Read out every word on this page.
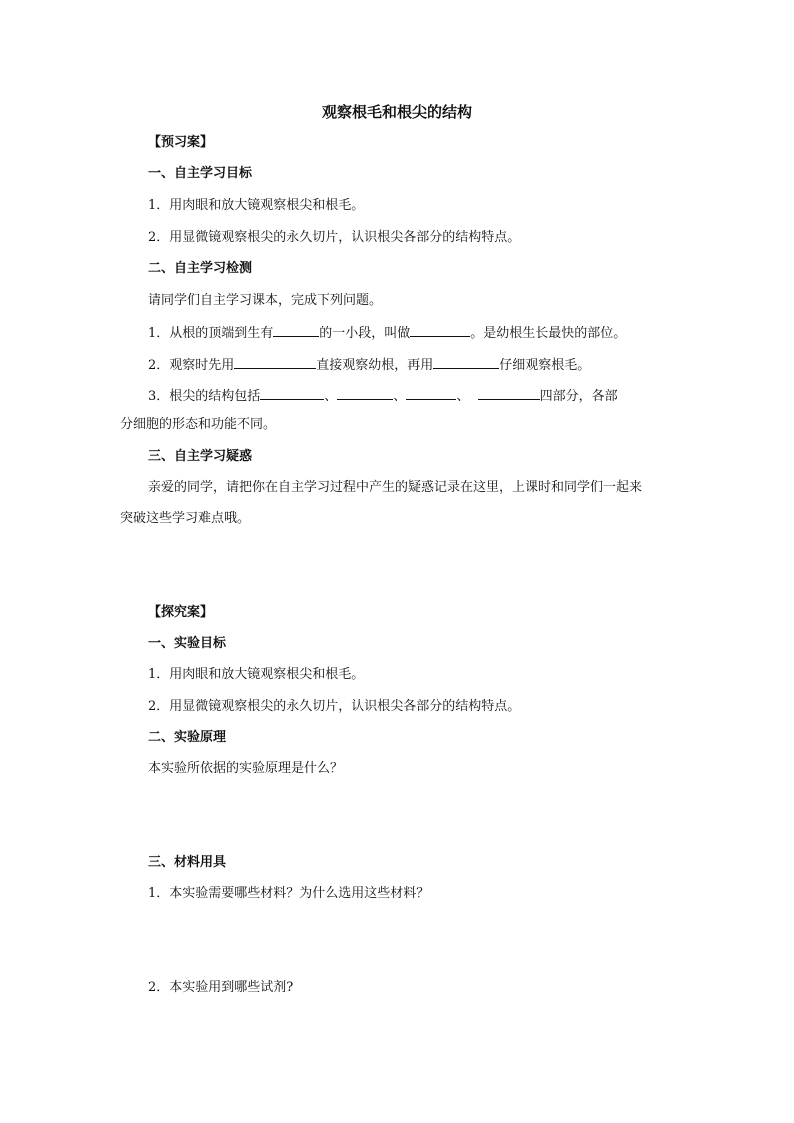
观察根毛和根尖的结构
【预习案】
一、自主学习目标
1．用肉眼和放大镜观察根尖和根毛。
2．用显微镜观察根尖的永久切片，认识根尖各部分的结构特点。
二、自主学习检测
请同学们自主学习课本，完成下列问题。
1．从根的顶端到生有	的一小段，叫做	。是幼根生长最快的部位。
2．观察时先用	直接观察幼根，再用	仔细观察根毛。
3．根尖的结构包括	、	、	、	四部分，各部
分细胞的形态和功能不同。
三、自主学习疑惑
亲爱的同学，请把你在自主学习过程中产生的疑惑记录在这里，上课时和同学们一起来
突破这些学习难点哦。
【探究案】
一、实验目标
1．用肉眼和放大镜观察根尖和根毛。
2．用显微镜观察根尖的永久切片，认识根尖各部分的结构特点。
二、实验原理
本实验所依据的实验原理是什么？
三、材料用具
1．本实验需要哪些材料？为什么选用这些材料？
2．本实验用到哪些试剂?
